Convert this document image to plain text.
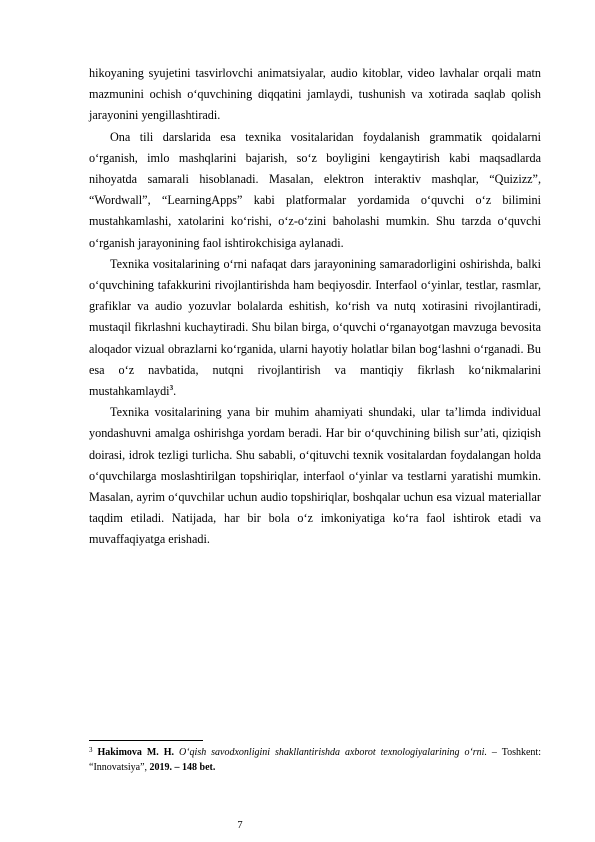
hikoyaning syujetini tasvirlovchi animatsiyalar, audio kitoblar, video lavhalar orqali matn mazmunini ochish o‘quvchining diqqatini jamlaydi, tushunish va xotirada saqlab qolish jarayonini yengillashtiradi.

Ona tili darslarida esa texnika vositalaridan foydalanish grammatik qoidalarni o‘rganish, imlo mashqlarini bajarish, so‘z boyligini kengaytirish kabi maqsadlarda nihoyatda samarali hisoblanadi. Masalan, elektron interaktiv mashqlar, “Quizizz”, “Wordwall”, “LearningApps” kabi platformalar yordamida o‘quvchi o‘z bilimini mustahkamlashi, xatolarini ko‘rishi, o‘z-o‘zini baholashi mumkin. Shu tarzda o‘quvchi o‘rganish jarayonining faol ishtirokchisiga aylanadi.

Texnika vositalarining o‘rni nafaqat dars jarayonining samaradorligini oshirishda, balki o‘quvchining tafakkurini rivojlantirishda ham beqiyosdir. Interfaol o‘yinlar, testlar, rasmlar, grafiklar va audio yozuvlar bolalarda eshitish, ko‘rish va nutq xotirasini rivojlantiradi, mustaqil fikrlashni kuchaytiradi. Shu bilan birga, o‘quvchi o‘rganayotgan mavzuga bevosita aloqador vizual obrazlarni ko‘rganida, ularni hayotiy holatlar bilan bog‘lashni o‘rganadi. Bu esa o‘z navbatida, nutqni rivojlantirish va mantiqiy fikrlash ko‘nikmalarini mustahkamlaydi$^3$.

Texnika vositalarining yana bir muhim ahamiyati shundaki, ular ta’limda individual yondashuvni amalga oshirishga yordam beradi. Har bir o‘quvchining bilish sur’ati, qiziqish doirasi, idrok tezligi turlicha. Shu sababli, o‘qituvchi texnik vositalardan foydalangan holda o‘quvchilarga moslashtirilgan topshiriqlar, interfaol o‘yinlar va testlarni yaratishi mumkin. Masalan, ayrim o‘quvchilar uchun audio topshiriqlar, boshqalar uchun esa vizual materiallar taqdim etiladi. Natijada, har bir bola o‘z imkoniyatiga ko‘ra faol ishtirok etadi va muvaffaqiyatga erishadi.

$^3$ Hakimova M. H. O‘qish savodxonligini shakllantirishda axborot texnologiyalarining o‘rni. – Toshkent: “Innovatsiya”, 2019. – 148 bet.
7
